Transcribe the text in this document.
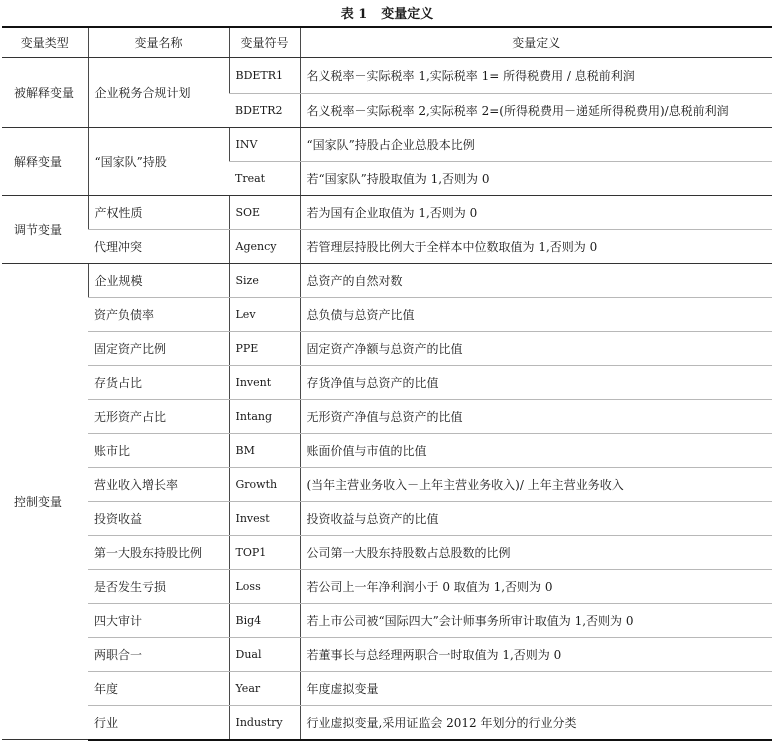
表 1 变量定义
变量类型	变量名称	变量符号	变量定义
被解释变量	企业税务合规计划	BDETR1	名义税率－实际税率 1,实际税率 1= 所得税费用 / 息税前利润
		BDETR2	名义税率－实际税率 2,实际税率 2=(所得税费用－递延所得税费用)/息税前利润
解释变量	“国家队”持股	INV	“国家队”持股占企业总股本比例
		Treat	若“国家队”持股取值为 1,否则为 0
调节变量	产权性质	SOE	若为国有企业取值为 1,否则为 0
	代理冲突	Agency	若管理层持股比例大于全样本中位数取值为 1,否则为 0
控制变量	企业规模	Size	总资产的自然对数
	资产负债率	Lev	总负债与总资产比值
	固定资产比例	PPE	固定资产净额与总资产的比值
	存货占比	Invent	存货净值与总资产的比值
	无形资产占比	Intang	无形资产净值与总资产的比值
	账市比	BM	账面价值与市值的比值
	营业收入增长率	Growth	(当年主营业务收入－上年主营业务收入)/ 上年主营业务收入
	投资收益	Invest	投资收益与总资产的比值
	第一大股东持股比例	TOP1	公司第一大股东持股数占总股数的比例
	是否发生亏损	Loss	若公司上一年净利润小于 0 取值为 1,否则为 0
	四大审计	Big4	若上市公司被“国际四大”会计师事务所审计取值为 1,否则为 0
	两职合一	Dual	若董事长与总经理两职合一时取值为 1,否则为 0
	年度	Year	年度虚拟变量
	行业	Industry	行业虚拟变量,采用证监会 2012 年划分的行业分类
